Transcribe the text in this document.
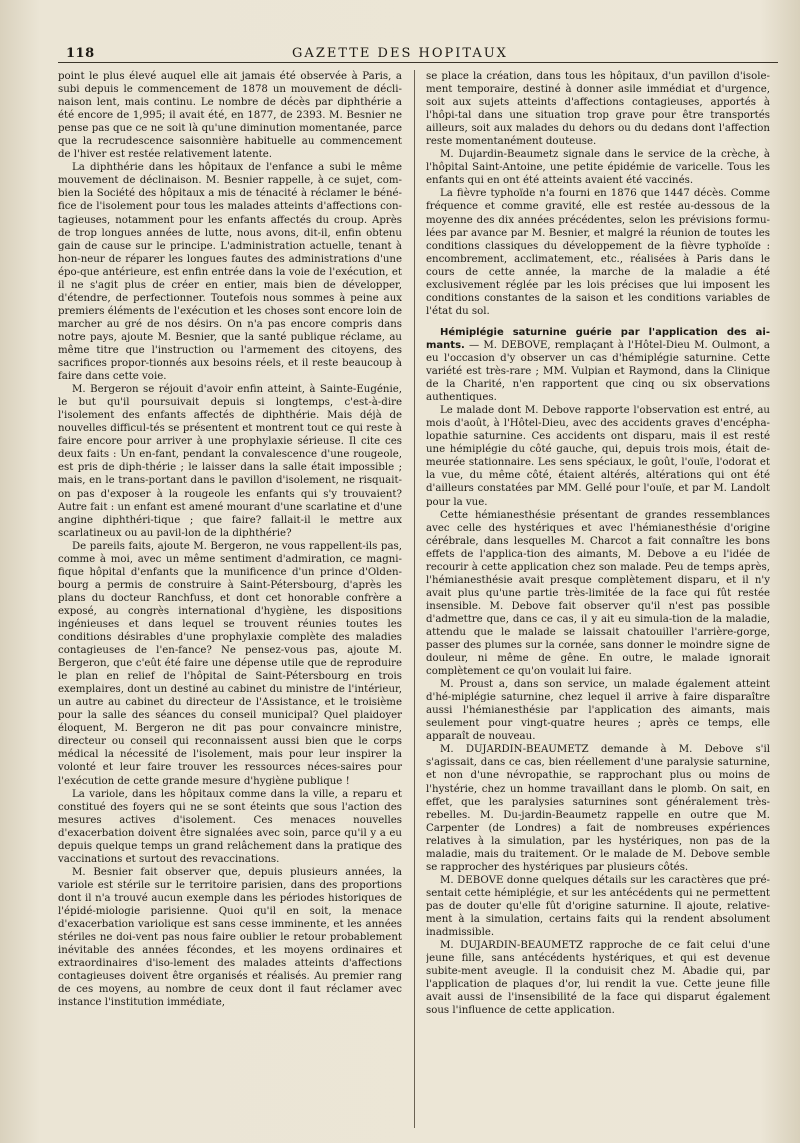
118	GAZETTE DES HOPITAUX

point le plus élevé auquel elle ait jamais été observée à Paris, a subi depuis le commencement de 1878 un mouvement de décli-naison lent, mais continu. Le nombre de décès par diphthérie a été encore de 1,995; il avait été, en 1877, de 2393. M. Besnier ne pense pas que ce ne soit là qu'une diminution momentanée, parce que la recrudescence saisonnière habituelle au commencement de l'hiver est restée relativement latente.

La diphthérie dans les hôpitaux de l'enfance a subi le même mouvement de déclinaison. M. Besnier rappelle, à ce sujet, com-bien la Société des hôpitaux a mis de ténacité à réclamer le béné-fice de l'isolement pour tous les malades atteints d'affections con-tagieuses, notamment pour les enfants affectés du croup. Après de trop longues années de lutte, nous avons, dit-il, enfin obtenu gain de cause sur le principe. L'administration actuelle, tenant à hon-neur de réparer les longues fautes des administrations d'une épo-que antérieure, est enfin entrée dans la voie de l'exécution, et il ne s'agit plus de créer en entier, mais bien de développer, d'étendre, de perfectionner. Toutefois nous sommes à peine aux premiers éléments de l'exécution et les choses sont encore loin de marcher au gré de nos désirs. On n'a pas encore compris dans notre pays, ajoute M. Besnier, que la santé publique réclame, au même titre que l'instruction ou l'armement des citoyens, des sacrifices propor-tionnés aux besoins réels, et il reste beaucoup à faire dans cette voie.

M. Bergeron se réjouit d'avoir enfin atteint, à Sainte-Eugénie, le but qu'il poursuivait depuis si longtemps, c'est-à-dire l'isolement des enfants affectés de diphthérie. Mais déjà de nouvelles difficul-tés se présentent et montrent tout ce qui reste à faire encore pour arriver à une prophylaxie sérieuse. Il cite ces deux faits : Un en-fant, pendant la convalescence d'une rougeole, est pris de diph-thérie ; le laisser dans la salle était impossible ; mais, en le trans-portant dans le pavillon d'isolement, ne risquait-on pas d'exposer à la rougeole les enfants qui s'y trouvaient? Autre fait : un enfant est amené mourant d'une scarlatine et d'une angine diphthéri-tique ; que faire? fallait-il le mettre aux scarlatineux ou au pavil-lon de la diphthérie?

De pareils faits, ajoute M. Bergeron, ne vous rappellent-ils pas, comme à moi, avec un même sentiment d'admiration, ce magni-fique hôpital d'enfants que la munificence d'un prince d'Olden-bourg a permis de construire à Saint-Pétersbourg, d'après les plans du docteur Ranchfuss, et dont cet honorable confrère a exposé, au congrès international d'hygiène, les dispositions ingénieuses et dans lequel se trouvent réunies toutes les conditions désirables d'une prophylaxie complète des maladies contagieuses de l'en-fance? Ne pensez-vous pas, ajoute M. Bergeron, que c'eût été faire une dépense utile que de reproduire le plan en relief de l'hôpital de Saint-Pétersbourg en trois exemplaires, dont un destiné au cabinet du ministre de l'intérieur, un autre au cabinet du directeur de l'Assistance, et le troisième pour la salle des séances du conseil municipal? Quel plaidoyer éloquent, M. Bergeron ne dit pas pour convaincre ministre, directeur ou conseil qui reconnaissent aussi bien que le corps médical la nécessité de l'isolement, mais pour leur inspirer la volonté et leur faire trouver les ressources néces-saires pour l'exécution de cette grande mesure d'hygiène publique !

La variole, dans les hôpitaux comme dans la ville, a reparu et constitué des foyers qui ne se sont éteints que sous l'action des mesures actives d'isolement. Ces menaces nouvelles d'exacerbation doivent être signalées avec soin, parce qu'il y a eu depuis quelque temps un grand relâchement dans la pratique des vaccinations et surtout des revaccinations.

M. Besnier fait observer que, depuis plusieurs années, la variole est stérile sur le territoire parisien, dans des proportions dont il n'a trouvé aucun exemple dans les périodes historiques de l'épidé-miologie parisienne. Quoi qu'il en soit, la menace d'exacerbation variolique est sans cesse imminente, et les années stériles ne doi-vent pas nous faire oublier le retour probablement inévitable des années fécondes, et les moyens ordinaires et extraordinaires d'iso-lement des malades atteints d'affections contagieuses doivent être organisés et réalisés. Au premier rang de ces moyens, au nombre de ceux dont il faut réclamer avec instance l'institution immédiate,

se place la création, dans tous les hôpitaux, d'un pavillon d'isole-ment temporaire, destiné à donner asile immédiat et d'urgence, soit aux sujets atteints d'affections contagieuses, apportés à l'hôpi-tal dans une situation trop grave pour être transportés ailleurs, soit aux malades du dehors ou du dedans dont l'affection reste momentanément douteuse.

M. Dujardin-Beaumetz signale dans le service de la crèche, à l'hôpital Saint-Antoine, une petite épidémie de varicelle. Tous les enfants qui en ont été atteints avaient été vaccinés.

La fièvre typhoïde n'a fourni en 1876 que 1447 décès. Comme fréquence et comme gravité, elle est restée au-dessous de la moyenne des dix années précédentes, selon les prévisions formu-lées par avance par M. Besnier, et malgré la réunion de toutes les conditions classiques du développement de la fièvre typhoïde : encombrement, acclimatement, etc., réalisées à Paris dans le cours de cette année, la marche de la maladie a été exclusivement réglée par les lois précises que lui imposent les conditions constantes de la saison et les conditions variables de l'état du sol.

Hémiplégie saturnine guérie par l'application des ai-mants. — M. DEBOVE, remplaçant à l'Hôtel-Dieu M. Oulmont, a eu l'occasion d'y observer un cas d'hémiplégie saturnine. Cette variété est très-rare ; MM. Vulpian et Raymond, dans la Clinique de la Charité, n'en rapportent que cinq ou six observations authentiques.

Le malade dont M. Debove rapporte l'observation est entré, au mois d'août, à l'Hôtel-Dieu, avec des accidents graves d'encépha-lopathie saturnine. Ces accidents ont disparu, mais il est resté une hémiplégie du côté gauche, qui, depuis trois mois, était de-meurée stationnaire. Les sens spéciaux, le goût, l'ouïe, l'odorat et la vue, du même côté, étaient altérés, altérations qui ont été d'ailleurs constatées par MM. Gellé pour l'ouïe, et par M. Landolt pour la vue.

Cette hémianesthésie présentant de grandes ressemblances avec celle des hystériques et avec l'hémianesthésie d'origine cérébrale, dans lesquelles M. Charcot a fait connaître les bons effets de l'applica-tion des aimants, M. Debove a eu l'idée de recourir à cette application chez son malade. Peu de temps après, l'hémianesthésie avait presque complètement disparu, et il n'y avait plus qu'une partie très-limitée de la face qui fût restée insensible. M. Debove fait observer qu'il n'est pas possible d'admettre que, dans ce cas, il y ait eu simula-tion de la maladie, attendu que le malade se laissait chatouiller l'arrière-gorge, passer des plumes sur la cornée, sans donner le moindre signe de douleur, ni même de gêne. En outre, le malade ignorait complètement ce qu'on voulait lui faire.

M. Proust a, dans son service, un malade également atteint d'hé-miplégie saturnine, chez lequel il arrive à faire disparaître aussi l'hémianesthésie par l'application des aimants, mais seulement pour vingt-quatre heures ; après ce temps, elle apparaît de nouveau.

M. DUJARDIN-BEAUMETZ demande à M. Debove s'il s'agissait, dans ce cas, bien réellement d'une paralysie saturnine, et non d'une névropathie, se rapprochant plus ou moins de l'hystérie, chez un homme travaillant dans le plomb. On sait, en effet, que les paralysies saturnines sont généralement très-rebelles. M. Du-jardin-Beaumetz rappelle en outre que M. Carpenter (de Londres) a fait de nombreuses expériences relatives à la simulation, par les hystériques, non pas de la maladie, mais du traitement. Or le malade de M. Debove semble se rapprocher des hystériques par plusieurs côtés.

M. DEBOVE donne quelques détails sur les caractères que pré-sentait cette hémiplégie, et sur les antécédents qui ne permettent pas de douter qu'elle fût d'origine saturnine. Il ajoute, relative-ment à la simulation, certains faits qui la rendent absolument inadmissible.

M. DUJARDIN-BEAUMETZ rapproche de ce fait celui d'une jeune fille, sans antécédents hystériques, et qui est devenue subite-ment aveugle. Il la conduisit chez M. Abadie qui, par l'application de plaques d'or, lui rendit la vue. Cette jeune fille avait aussi de l'insensibilité de la face qui disparut également sous l'influence de cette application.
